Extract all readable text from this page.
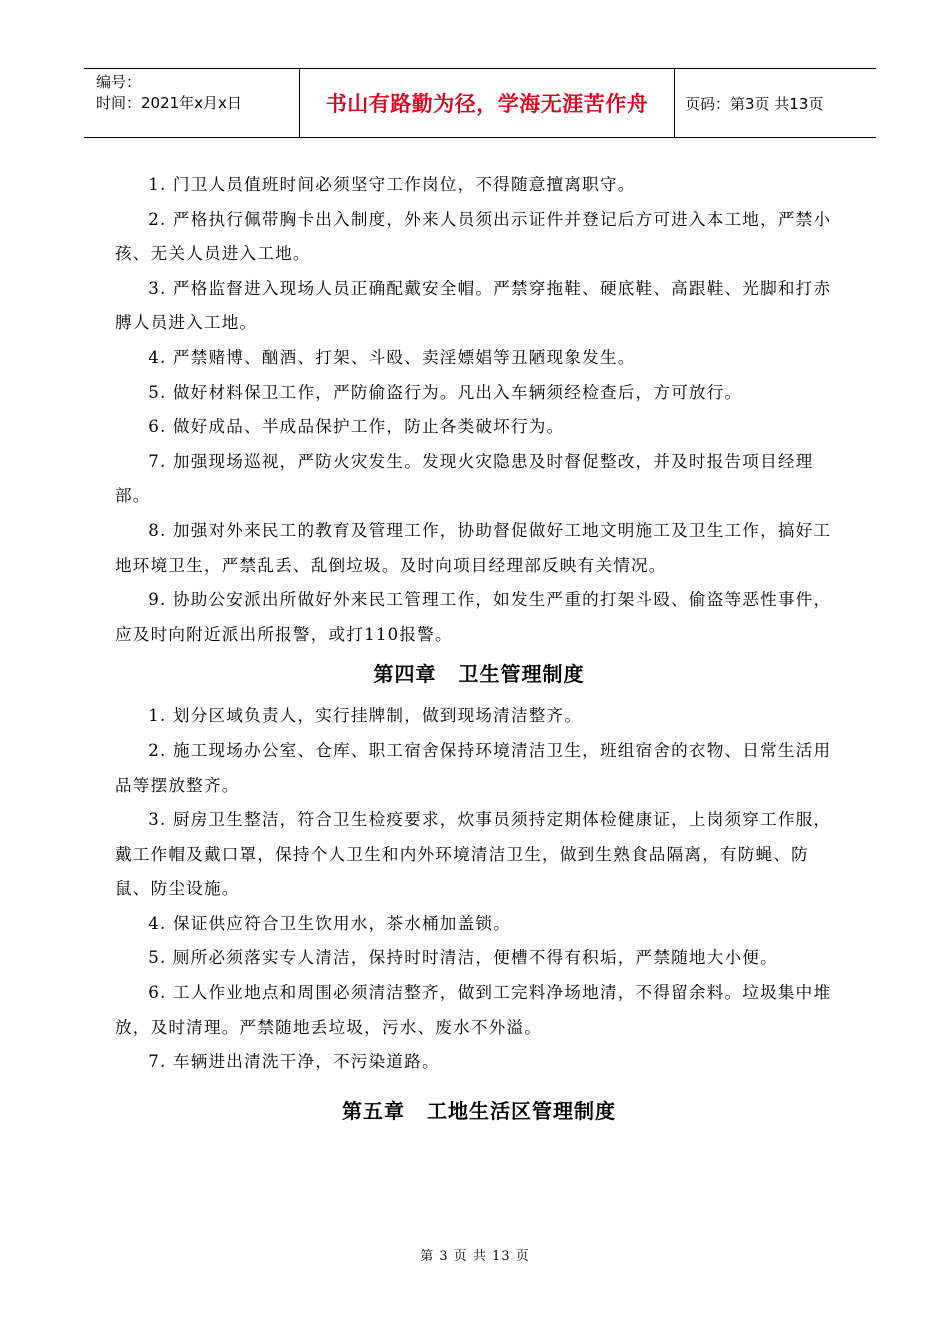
编号：
时间：2021年x月x日	书山有路勤为径，学海无涯苦作舟	页码：第3页 共13页

1. 门卫人员值班时间必须坚守工作岗位，不得随意擅离职守。

2. 严格执行佩带胸卡出入制度，外来人员须出示证件并登记后方可进入本工地，严禁小孩、无关人员进入工地。

3. 严格监督进入现场人员正确配戴安全帽。严禁穿拖鞋、硬底鞋、高跟鞋、光脚和打赤膊人员进入工地。

4. 严禁赌博、酗酒、打架、斗殴、卖淫嫖娼等丑陋现象发生。

5. 做好材料保卫工作，严防偷盗行为。凡出入车辆须经检查后，方可放行。

6. 做好成品、半成品保护工作，防止各类破坏行为。

7. 加强现场巡视，严防火灾发生。发现火灾隐患及时督促整改，并及时报告项目经理部。

8. 加强对外来民工的教育及管理工作，协助督促做好工地文明施工及卫生工作，搞好工地环境卫生，严禁乱丢、乱倒垃圾。及时向项目经理部反映有关情况。

9. 协助公安派出所做好外来民工管理工作，如发生严重的打架斗殴、偷盗等恶性事件，应及时向附近派出所报警，或打110报警。

第四章 卫生管理制度

1. 划分区域负责人，实行挂牌制，做到现场清洁整齐。

2. 施工现场办公室、仓库、职工宿舍保持环境清洁卫生，班组宿舍的衣物、日常生活用品等摆放整齐。

3. 厨房卫生整洁，符合卫生检疫要求，炊事员须持定期体检健康证，上岗须穿工作服，戴工作帽及戴口罩，保持个人卫生和内外环境清洁卫生，做到生熟食品隔离，有防蝇、防鼠、防尘设施。

4. 保证供应符合卫生饮用水，茶水桶加盖锁。

5. 厕所必须落实专人清洁，保持时时清洁，便槽不得有积垢，严禁随地大小便。

6. 工人作业地点和周围必须清洁整齐，做到工完料净场地清，不得留余料。垃圾集中堆放，及时清理。严禁随地丢垃圾，污水、废水不外溢。

7. 车辆进出清洗干净，不污染道路。

第五章 工地生活区管理制度
第 3 页 共 13 页
